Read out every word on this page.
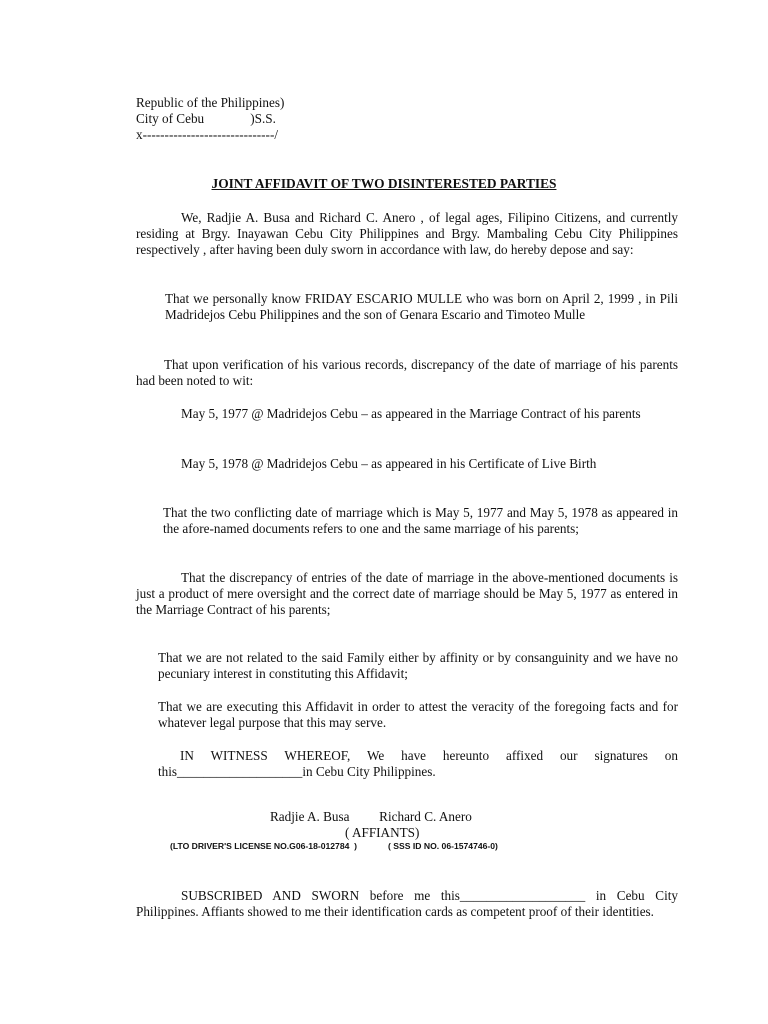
Republic of the Philippines)
City of Cebu              )S.S.
x------------------------------/
JOINT AFFIDAVIT OF TWO DISINTERESTED PARTIES
We, Radjie A. Busa and Richard C. Anero , of legal ages, Filipino Citizens, and currently residing at Brgy. Inayawan Cebu City Philippines and Brgy. Mambaling Cebu City Philippines respectively , after having been duly sworn in accordance with law, do hereby depose and say:
That we personally know FRIDAY ESCARIO MULLE who was born on April 2, 1999 , in Pili Madridejos Cebu Philippines and the son of Genara Escario and Timoteo Mulle
That upon verification of his various records, discrepancy of the date of marriage of his parents had been noted to wit:
May 5, 1977 @ Madridejos Cebu – as appeared in the Marriage Contract of his parents
May 5, 1978 @ Madridejos Cebu – as appeared in his Certificate of Live Birth
That the two conflicting date of marriage which is May 5, 1977 and May 5, 1978 as appeared in the afore-named documents refers to one and the same marriage of his parents;
That the discrepancy of entries of the date of marriage in the above-mentioned documents is just a product of mere oversight and the correct date of marriage should be May 5, 1977 as entered in the Marriage Contract of his parents;
That we are not related to the said Family either by affinity or by consanguinity and we have no pecuniary interest in constituting this Affidavit;
That we are executing this Affidavit in order to attest the veracity of the foregoing facts and for whatever legal purpose that this may serve.
IN WITNESS WHEREOF, We have hereunto affixed our signatures on this___________________in Cebu City Philippines.
Radjie A. Busa         Richard C. Anero
( AFFIANTS)
(LTO DRIVER'S LICENSE NO.G06-18-012784  )             ( SSS ID NO. 06-1574746-0)
SUBSCRIBED AND SWORN before me this___________________ in Cebu City Philippines. Affiants showed to me their identification cards as competent proof of their identities.
